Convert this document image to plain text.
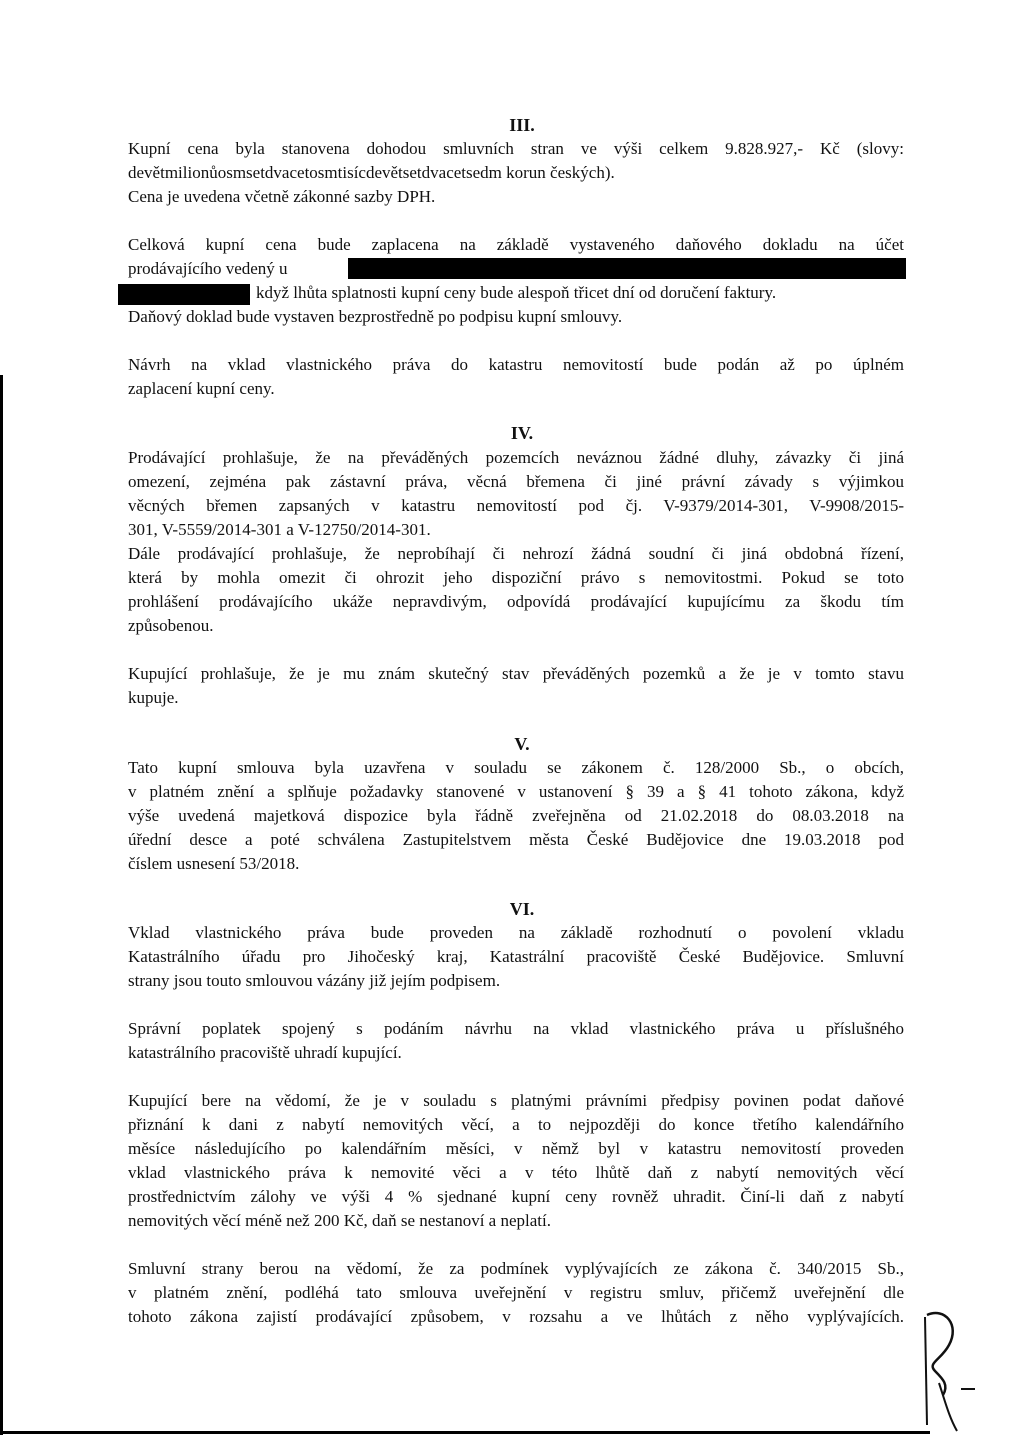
III.
Kupní cena byla stanovena dohodou smluvních stran ve výši celkem 9.828.927,- Kč (slovy:
devětmilionůosmsetdvacetosmtisícdevětsetdvacetsedm korun českých).
Cena je uvedena včetně zákonné sazby DPH.
Celková kupní cena bude zaplacena na základě vystaveného daňového dokladu na účet
prodávajícího vedený u
když lhůta splatnosti kupní ceny bude alespoň třicet dní od doručení faktury.
Daňový doklad bude vystaven bezprostředně po podpisu kupní smlouvy.
Návrh na vklad vlastnického práva do katastru nemovitostí bude podán až po úplném
zaplacení kupní ceny.
IV.
Prodávající prohlašuje, že na převáděných pozemcích neváznou žádné dluhy, závazky či jiná
omezení, zejména pak zástavní práva, věcná břemena či jiné právní závady s výjimkou
věcných břemen zapsaných v katastru nemovitostí pod čj. V-9379/2014-301, V-9908/2015-
301, V-5559/2014-301 a V-12750/2014-301.
Dále prodávající prohlašuje, že neprobíhají či nehrozí žádná soudní či jiná obdobná řízení,
která by mohla omezit či ohrozit jeho dispoziční právo s nemovitostmi. Pokud se toto
prohlášení prodávajícího ukáže nepravdivým, odpovídá prodávající kupujícímu za škodu tím
způsobenou.
Kupující prohlašuje, že je mu znám skutečný stav převáděných pozemků a že je v tomto stavu
kupuje.
V.
Tato kupní smlouva byla uzavřena v souladu se zákonem č. 128/2000 Sb., o obcích,
v platném znění a splňuje požadavky stanovené v ustanovení § 39 a § 41 tohoto zákona, když
výše uvedená majetková dispozice byla řádně zveřejněna od 21.02.2018 do 08.03.2018 na
úřední desce a poté schválena Zastupitelstvem města České Budějovice dne 19.03.2018 pod
číslem usnesení 53/2018.
VI.
Vklad vlastnického práva bude proveden na základě rozhodnutí o povolení vkladu
Katastrálního úřadu pro Jihočeský kraj, Katastrální pracoviště České Budějovice. Smluvní
strany jsou touto smlouvou vázány již jejím podpisem.
Správní poplatek spojený s podáním návrhu na vklad vlastnického práva u příslušného
katastrálního pracoviště uhradí kupující.
Kupující bere na vědomí, že je v souladu s platnými právními předpisy povinen podat daňové
přiznání k dani z nabytí nemovitých věcí, a to nejpozději do konce třetího kalendářního
měsíce následujícího po kalendářním měsíci, v němž byl v katastru nemovitostí proveden
vklad vlastnického práva k nemovité věci a v této lhůtě daň z nabytí nemovitých věcí
prostřednictvím zálohy ve výši 4 % sjednané kupní ceny rovněž uhradit. Činí-li daň z nabytí
nemovitých věcí méně než 200 Kč, daň se nestanoví a neplatí.
Smluvní strany berou na vědomí, že za podmínek vyplývajících ze zákona č. 340/2015 Sb.,
v platném znění, podléhá tato smlouva uveřejnění v registru smluv, přičemž uveřejnění dle
tohoto zákona zajistí prodávající způsobem, v rozsahu a ve lhůtách z něho vyplývajících.
